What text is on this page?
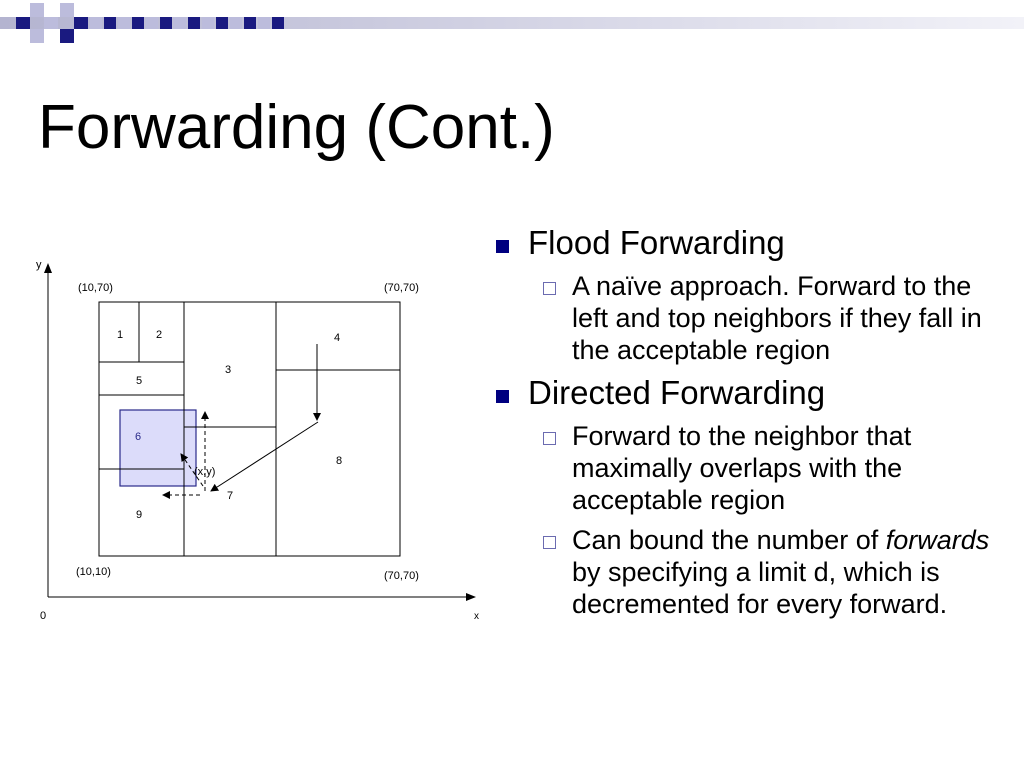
Forwarding (Cont.)
y
x
0
(10,70)	(70,70)
(10,10)	(70,70)
1	2
3
4
5
6
7
8
9
(x,y)
Flood Forwarding
A naïve approach. Forward to the left and top neighbors if they fall in the acceptable region
Directed Forwarding
Forward to the neighbor that maximally overlaps with the acceptable region
Can bound the number of forwards by specifying a limit d, which is decremented for every forward.
